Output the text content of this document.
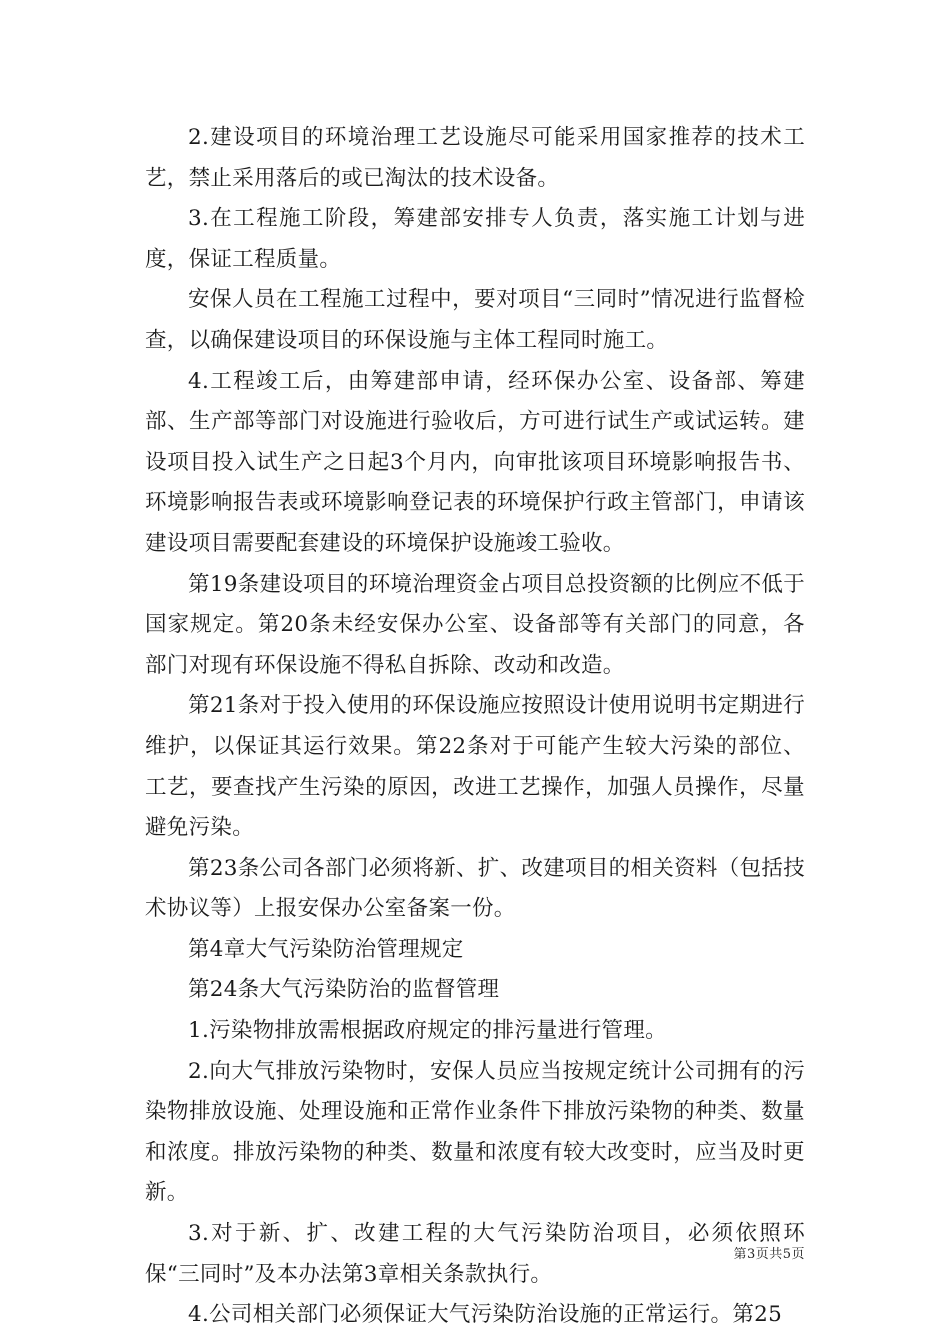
2.建设项目的环境治理工艺设施尽可能采用国家推荐的技术工艺，禁止采用落后的或已淘汰的技术设备。

3.在工程施工阶段，筹建部安排专人负责，落实施工计划与进度，保证工程质量。

安保人员在工程施工过程中，要对项目“三同时”情况进行监督检查，以确保建设项目的环保设施与主体工程同时施工。

4.工程竣工后，由筹建部申请，经环保办公室、设备部、筹建部、生产部等部门对设施进行验收后，方可进行试生产或试运转。建设项目投入试生产之日起3个月内，向审批该项目环境影响报告书、环境影响报告表或环境影响登记表的环境保护行政主管部门，申请该建设项目需要配套建设的环境保护设施竣工验收。

第19条建设项目的环境治理资金占项目总投资额的比例应不低于国家规定。第20条未经安保办公室、设备部等有关部门的同意，各部门对现有环保设施不得私自拆除、改动和改造。

第21条对于投入使用的环保设施应按照设计使用说明书定期进行维护，以保证其运行效果。第22条对于可能产生较大污染的部位、工艺，要查找产生污染的原因，改进工艺操作，加强人员操作，尽量避免污染。

第23条公司各部门必须将新、扩、改建项目的相关资料（包括技术协议等）上报安保办公室备案一份。

第4章大气污染防治管理规定

第24条大气污染防治的监督管理

1.污染物排放需根据政府规定的排污量进行管理。

2.向大气排放污染物时，安保人员应当按规定统计公司拥有的污染物排放设施、处理设施和正常作业条件下排放污染物的种类、数量和浓度。排放污染物的种类、数量和浓度有较大改变时，应当及时更新。

3.对于新、扩、改建工程的大气污染防治项目，必须依照环保“三同时”及本办法第3章相关条款执行。

4.公司相关部门必须保证大气污染防治设施的正常运行。第25

第3页共5页
